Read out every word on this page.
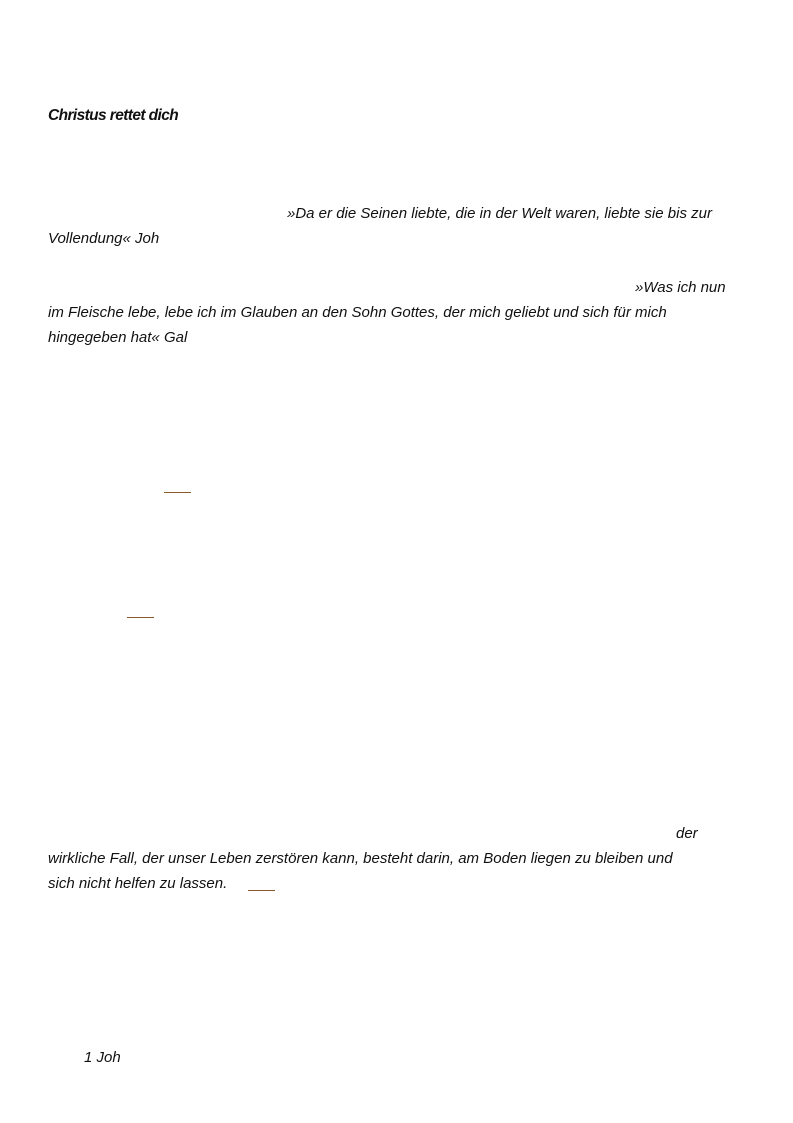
Christus rettet dich
»Da er die Seinen liebte, die in der Welt waren, liebte sie bis zur
Vollendung« Joh
»Was ich nun
im Fleische lebe, lebe ich im Glauben an den Sohn Gottes, der mich geliebt und sich für mich
hingegeben hat« Gal
der
wirkliche Fall, der unser Leben zerstören kann, besteht darin, am Boden liegen zu bleiben und
sich nicht helfen zu lassen.
1 Joh
